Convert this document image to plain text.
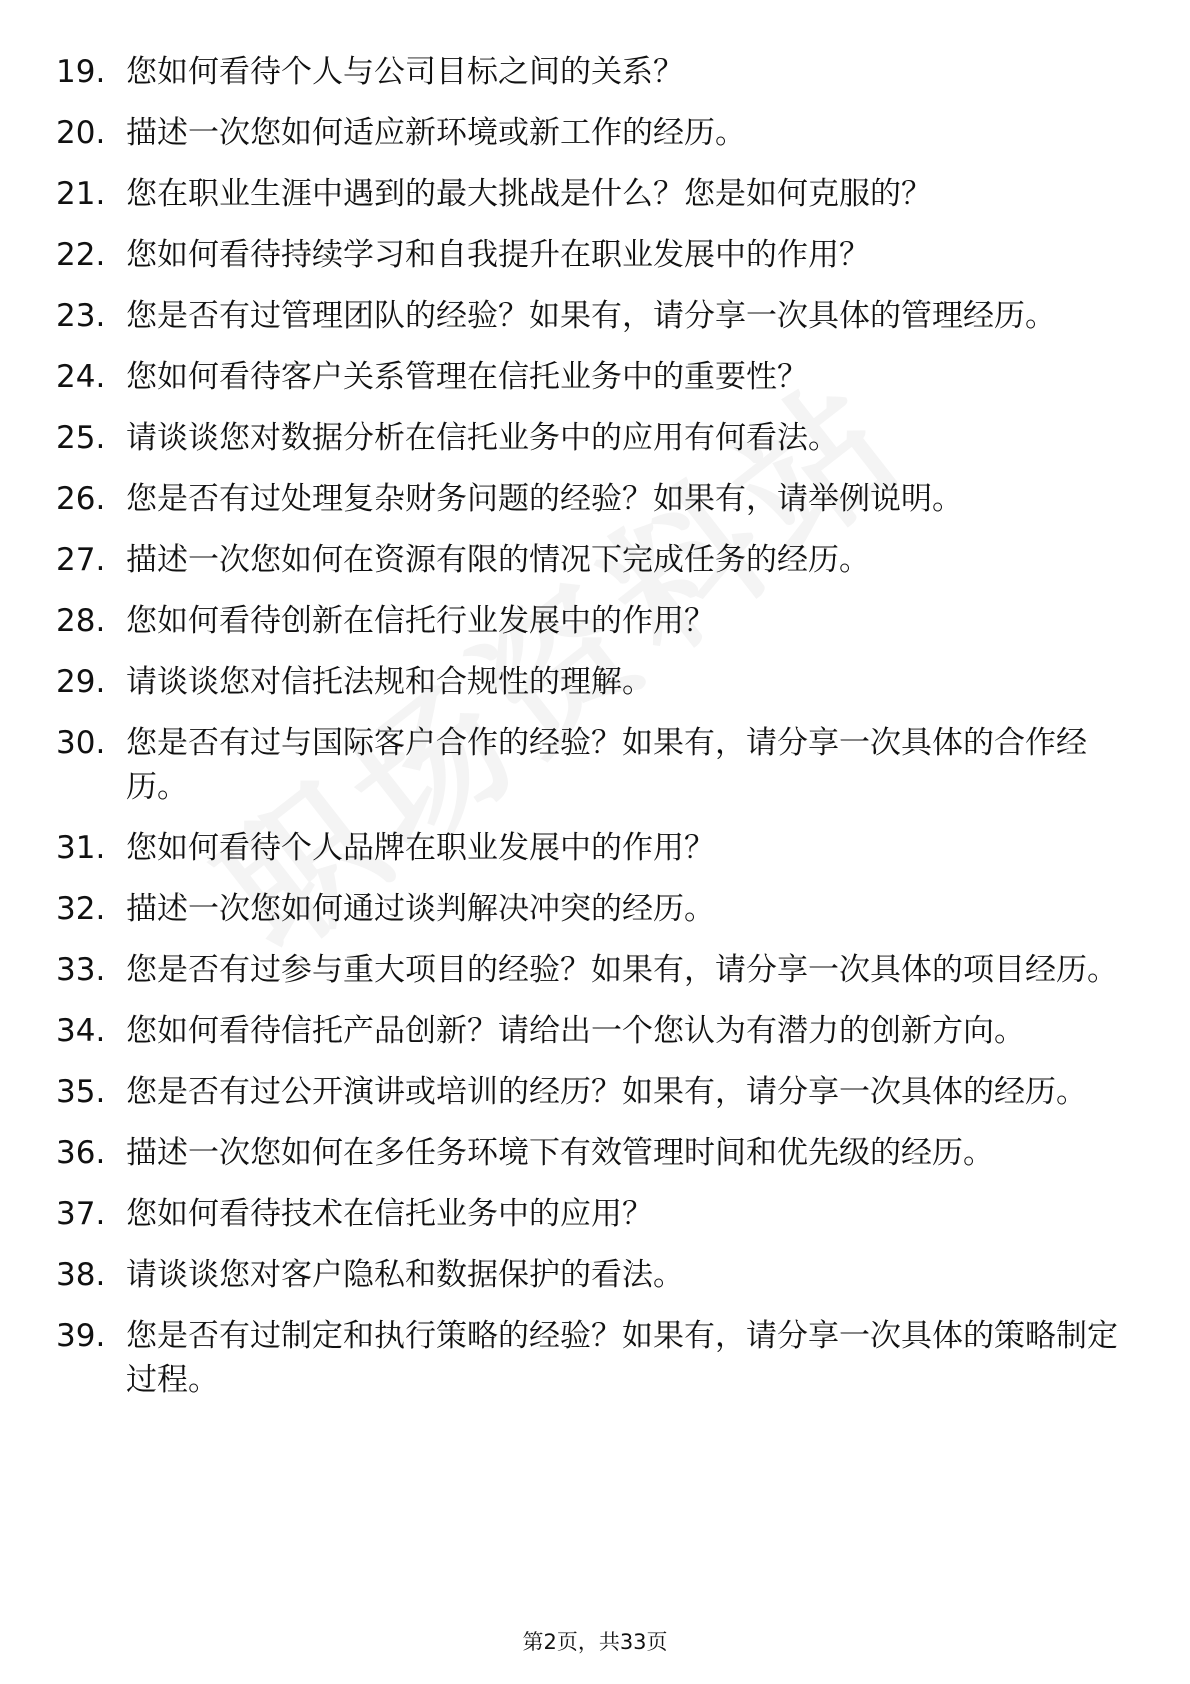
19. 您如何看待个人与公司目标之间的关系？
20. 描述一次您如何适应新环境或新工作的经历。
21. 您在职业生涯中遇到的最大挑战是什么？您是如何克服的？
22. 您如何看待持续学习和自我提升在职业发展中的作用？
23. 您是否有过管理团队的经验？如果有，请分享一次具体的管理经历。
24. 您如何看待客户关系管理在信托业务中的重要性？
25. 请谈谈您对数据分析在信托业务中的应用有何看法。
26. 您是否有过处理复杂财务问题的经验？如果有，请举例说明。
27. 描述一次您如何在资源有限的情况下完成任务的经历。
28. 您如何看待创新在信托行业发展中的作用？
29. 请谈谈您对信托法规和合规性的理解。
30. 您是否有过与国际客户合作的经验？如果有，请分享一次具体的合作经历。
31. 您如何看待个人品牌在职业发展中的作用？
32. 描述一次您如何通过谈判解决冲突的经历。
33. 您是否有过参与重大项目的经验？如果有，请分享一次具体的项目经历。
34. 您如何看待信托产品创新？请给出一个您认为有潜力的创新方向。
35. 您是否有过公开演讲或培训的经历？如果有，请分享一次具体的经历。
36. 描述一次您如何在多任务环境下有效管理时间和优先级的经历。
37. 您如何看待技术在信托业务中的应用？
38. 请谈谈您对客户隐私和数据保护的看法。
39. 您是否有过制定和执行策略的经验？如果有，请分享一次具体的策略制定过程。
第2页，共33页
